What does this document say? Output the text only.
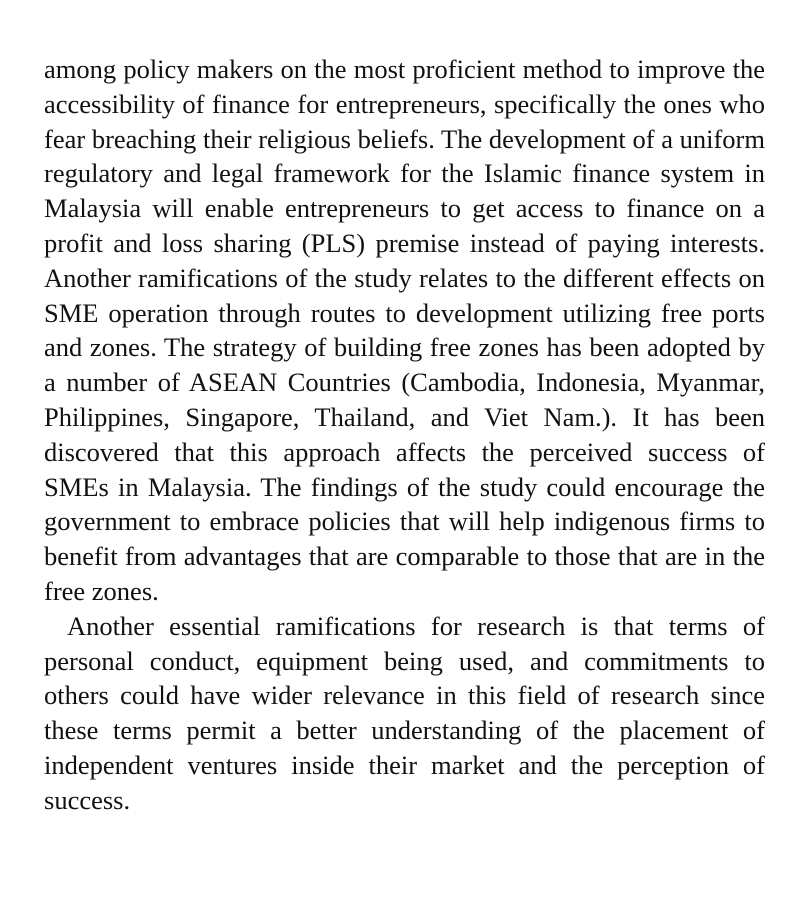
among policy makers on the most proficient method to improve the accessibility of finance for entrepreneurs, specifically the ones who fear breaching their religious beliefs. The development of a uniform regulatory and legal framework for the Islamic finance system in Malaysia will enable entrepreneurs to get access to finance on a profit and loss sharing (PLS) premise instead of paying interests. Another ramifications of the study relates to the different effects on SME operation through routes to development utilizing free ports and zones. The strategy of building free zones has been adopted by a number of ASEAN Countries (Cambodia, Indonesia, Myanmar, Philippines, Singapore, Thailand, and Viet Nam.). It has been discovered that this approach affects the perceived success of SMEs in Malaysia. The findings of the study could encourage the government to embrace policies that will help indigenous firms to benefit from advantages that are comparable to those that are in the free zones.

Another essential ramifications for research is that terms of personal conduct, equipment being used, and commitments to others could have wider relevance in this field of research since these terms permit a better understanding of the placement of independent ventures inside their market and the perception of success.
